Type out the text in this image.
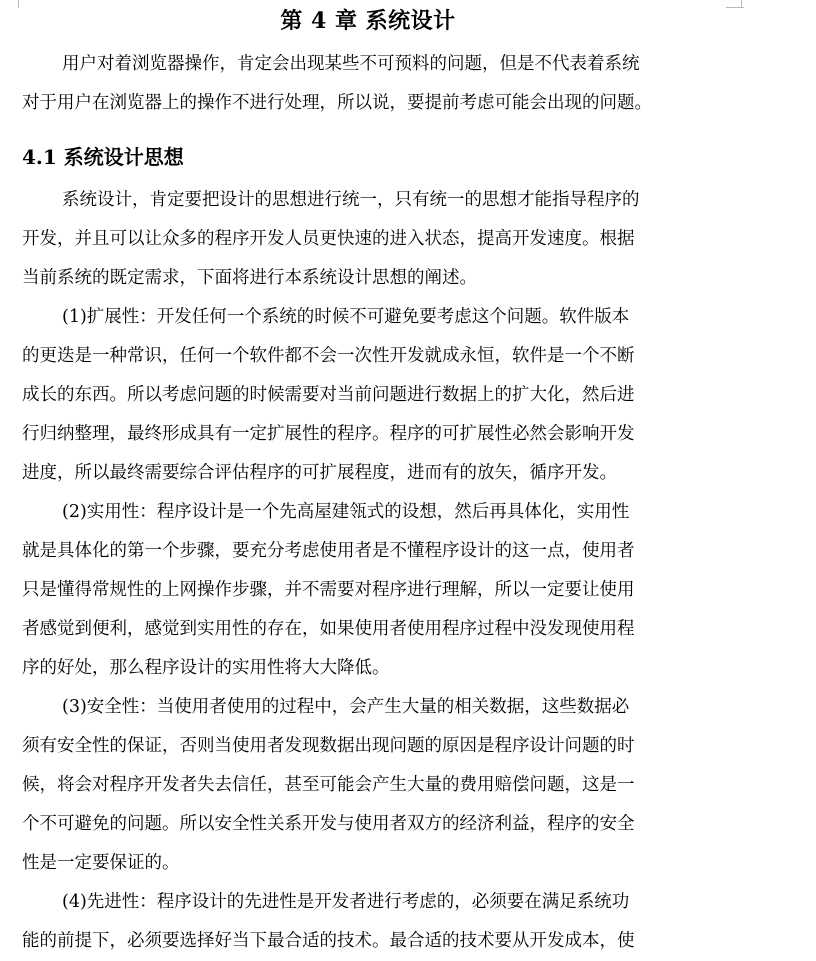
第 4 章 系统设计
用户对着浏览器操作，肯定会出现某些不可预料的问题，但是不代表着系统
对于用户在浏览器上的操作不进行处理，所以说，要提前考虑可能会出现的问题。
4.1 系统设计思想
系统设计，肯定要把设计的思想进行统一，只有统一的思想才能指导程序的
开发，并且可以让众多的程序开发人员更快速的进入状态，提高开发速度。根据
当前系统的既定需求，下面将进行本系统设计思想的阐述。
(1)扩展性：开发任何一个系统的时候不可避免要考虑这个问题。软件版本
的更迭是一种常识，任何一个软件都不会一次性开发就成永恒，软件是一个不断
成长的东西。所以考虑问题的时候需要对当前问题进行数据上的扩大化，然后进
行归纳整理，最终形成具有一定扩展性的程序。程序的可扩展性必然会影响开发
进度，所以最终需要综合评估程序的可扩展程度，进而有的放矢，循序开发。
(2)实用性：程序设计是一个先高屋建瓴式的设想，然后再具体化，实用性
就是具体化的第一个步骤，要充分考虑使用者是不懂程序设计的这一点，使用者
只是懂得常规性的上网操作步骤，并不需要对程序进行理解，所以一定要让使用
者感觉到便利，感觉到实用性的存在，如果使用者使用程序过程中没发现使用程
序的好处，那么程序设计的实用性将大大降低。
(3)安全性：当使用者使用的过程中，会产生大量的相关数据，这些数据必
须有安全性的保证，否则当使用者发现数据出现问题的原因是程序设计问题的时
候，将会对程序开发者失去信任，甚至可能会产生大量的费用赔偿问题，这是一
个不可避免的问题。所以安全性关系开发与使用者双方的经济利益，程序的安全
性是一定要保证的。
(4)先进性：程序设计的先进性是开发者进行考虑的，必须要在满足系统功
能的前提下，必须要选择好当下最合适的技术。最合适的技术要从开发成本，使
